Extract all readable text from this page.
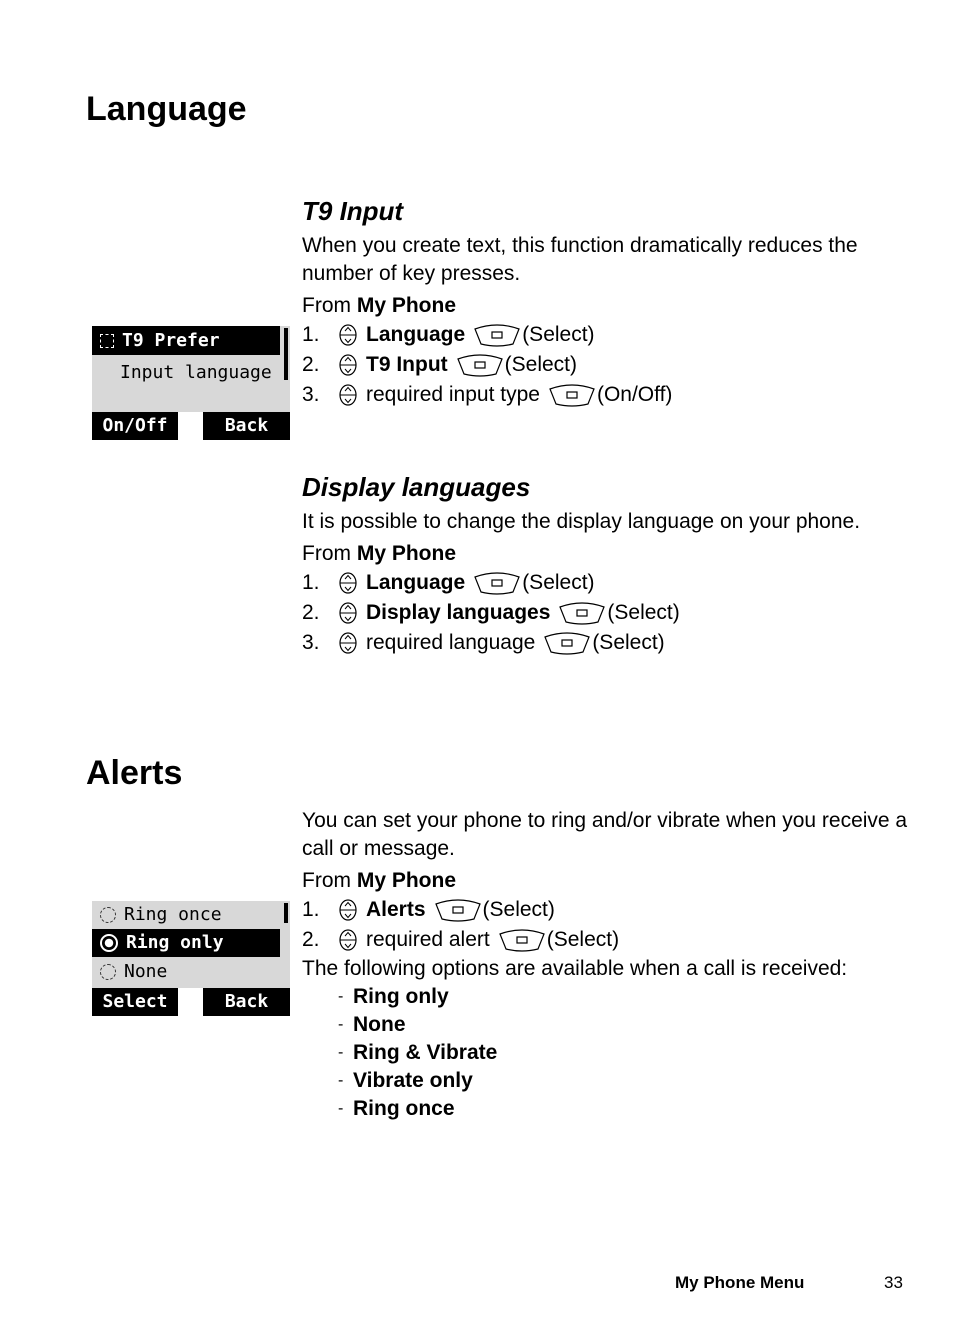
Language
T9 Input

When you create text, this function dramatically reduces the number of key presses.

From My Phone

1.	Language	(Select)
2.	T9 Input	(Select)
3.	required input type	(On/Off)
T9 Prefer
Input language
On/Off	Back
Display languages

It is possible to change the display language on your phone.

From My Phone

1.	Language	(Select)
2.	Display languages	(Select)
3.	required language	(Select)
Alerts

You can set your phone to ring and/or vibrate when you receive a call or message.

From My Phone

1.	Alerts	(Select)
2.	required alert	(Select)

The following options are available when a call is received:

- Ring only
- None
- Ring & Vibrate
- Vibrate only
- Ring once
Ring once
Ring only
None
Select	Back
My Phone Menu	33
